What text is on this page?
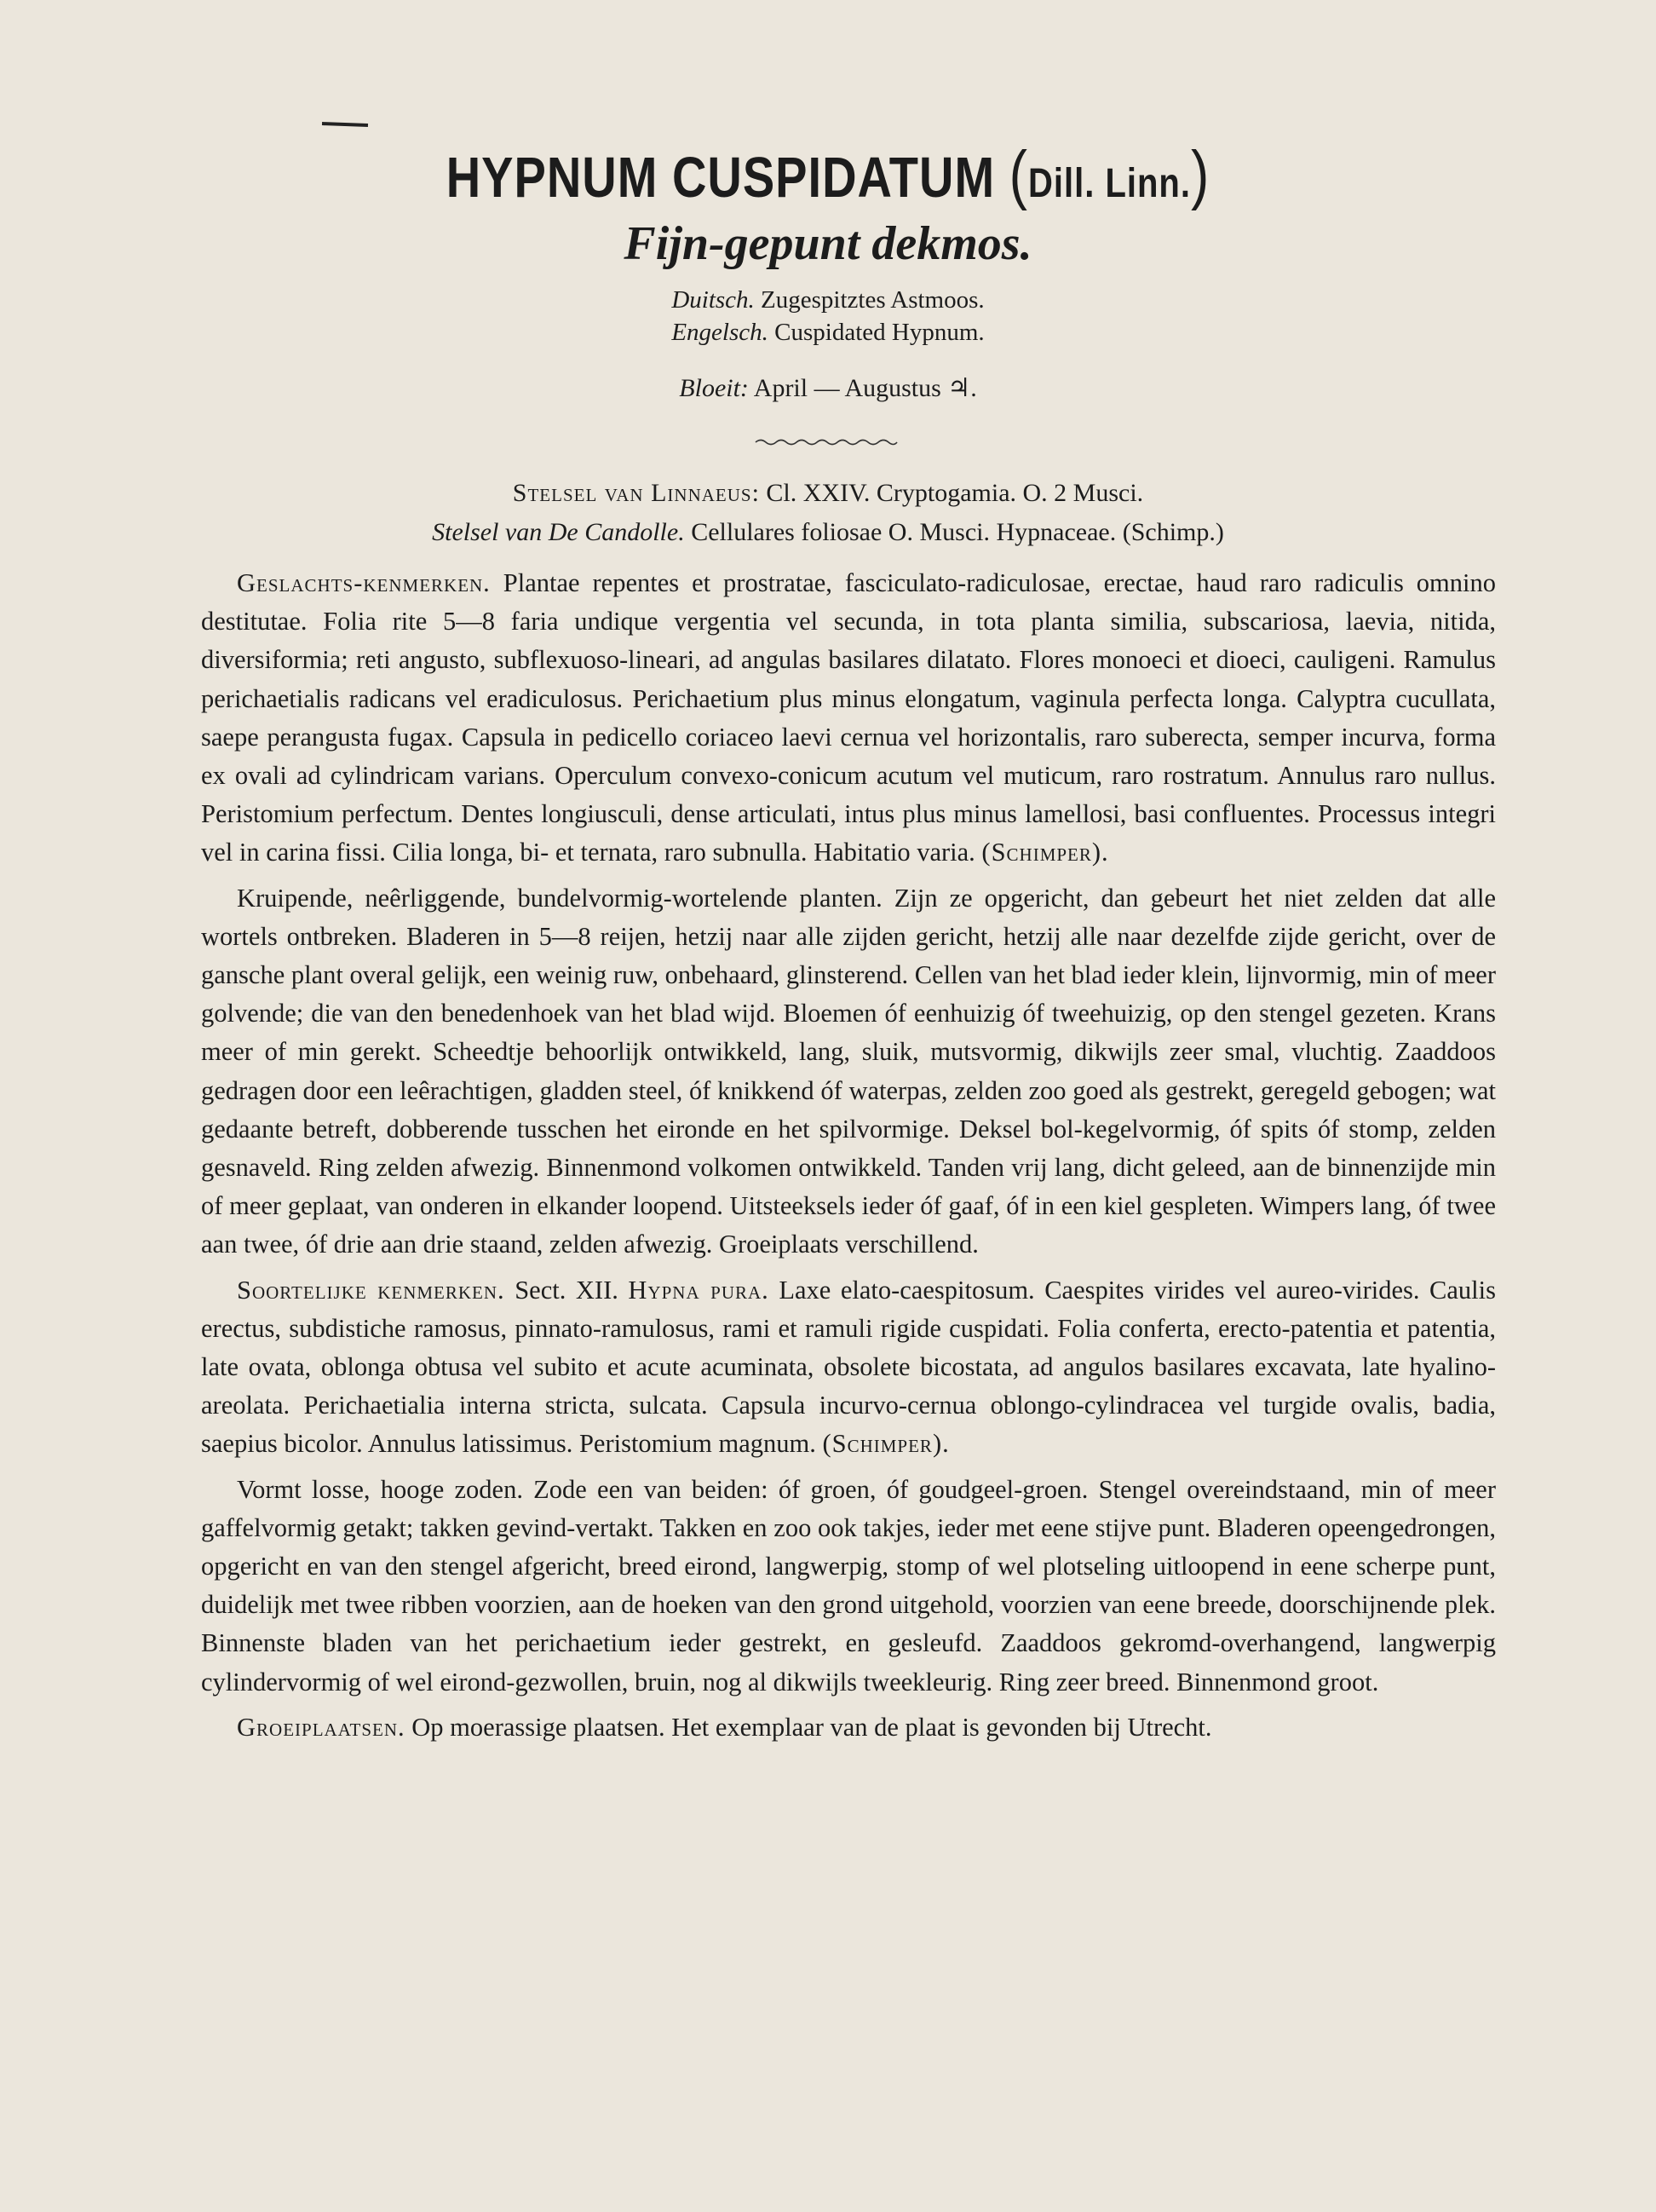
HYPNUM CUSPIDATUM (Dill. Linn.)
Fijn-gepunt dekmos.
Duitsch. Zugespitztes Astmoos.
Engelsch. Cuspidated Hypnum.
Bloeit: April — Augustus ♃.
Stelsel van Linnaeus: Cl. XXIV. Cryptogamia. O. 2 Musci.
Stelsel van De Candolle. Cellulares foliosae O. Musci. Hypnaceae. (Schimp.)

Geslachts-kenmerken. Plantae repentes et prostratae, fasciculato-radiculosae, erectae, haud raro radiculis omnino destitutae. Folia rite 5—8 faria undique vergentia vel secunda, in tota planta similia, subscariosa, laevia, nitida, diversiformia; reti angusto, subflexuoso-lineari, ad angulas basilares dilatato. Flores monoeci et dioeci, cauligeni. Ramulus perichaetialis radicans vel eradiculosus. Perichaetium plus minus elongatum, vaginula perfecta longa. Calyptra cucullata, saepe perangusta fugax. Capsula in pedicello coriaceo laevi cernua vel horizontalis, raro suberecta, semper incurva, forma ex ovali ad cylindricam varians. Operculum convexo-conicum acutum vel muticum, raro rostratum. Annulus raro nullus. Peristomium perfectum. Dentes longiusculi, dense articulati, intus plus minus lamellosi, basi confluentes. Processus integri vel in carina fissi. Cilia longa, bi- et ternata, raro subnulla. Habitatio varia. (Schimper).

Kruipende, neêrliggende, bundelvormig-wortelende planten. Zijn ze opgericht, dan gebeurt het niet zelden dat alle wortels ontbreken. Bladeren in 5—8 reijen, hetzij naar alle zijden gericht, hetzij alle naar dezelfde zijde gericht, over de gansche plant overal gelijk, een weinig ruw, onbehaard, glinsterend. Cellen van het blad ieder klein, lijnvormig, min of meer golvende; die van den benedenhoek van het blad wijd. Bloemen óf eenhuizig óf tweehuizig, op den stengel gezeten. Krans meer of min gerekt. Scheedtje behoorlijk ontwikkeld, lang, sluik, mutsvormig, dikwijls zeer smal, vluchtig. Zaaddoos gedragen door een leêrachtigen, gladden steel, óf knikkend óf waterpas, zelden zoo goed als gestrekt, geregeld gebogen; wat gedaante betreft, dobberende tusschen het eironde en het spilvormige. Deksel bol-kegelvormig, óf spits óf stomp, zelden gesnaveld. Ring zelden afwezig. Binnenmond volkomen ontwikkeld. Tanden vrij lang, dicht geleed, aan de binnenzijde min of meer geplaat, van onderen in elkander loopend. Uitsteeksels ieder óf gaaf, óf in een kiel gespleten. Wimpers lang, óf twee aan twee, óf drie aan drie staand, zelden afwezig. Groeiplaats verschillend.

Soortelijke kenmerken. Sect. XII. Hypna pura. Laxe elato-caespitosum. Caespites virides vel aureo-virides. Caulis erectus, subdistiche ramosus, pinnato-ramulosus, rami et ramuli rigide cuspidati. Folia conferta, erecto-patentia et patentia, late ovata, oblonga obtusa vel subito et acute acuminata, obsolete bicostata, ad angulos basilares excavata, late hyalino-areolata. Perichaetialia interna stricta, sulcata. Capsula incurvo-cernua oblongo-cylindracea vel turgide ovalis, badia, saepius bicolor. Annulus latissimus. Peristomium magnum. (Schimper).

Vormt losse, hooge zoden. Zode een van beiden: óf groen, óf goudgeel-groen. Stengel overeindstaand, min of meer gaffelvormig getakt; takken gevind-vertakt. Takken en zoo ook takjes, ieder met eene stijve punt. Bladeren opeengedrongen, opgericht en van den stengel afgericht, breed eirond, langwerpig, stomp of wel plotseling uitloopend in eene scherpe punt, duidelijk met twee ribben voorzien, aan de hoeken van den grond uitgehold, voorzien van eene breede, doorschijnende plek. Binnenste bladen van het perichaetium ieder gestrekt, en gesleufd. Zaaddoos gekromd-overhangend, langwerpig cylindervormig of wel eirond-gezwollen, bruin, nog al dikwijls tweekleurig. Ring zeer breed. Binnenmond groot.

Groeiplaatsen. Op moerassige plaatsen. Het exemplaar van de plaat is gevonden bij Utrecht.
